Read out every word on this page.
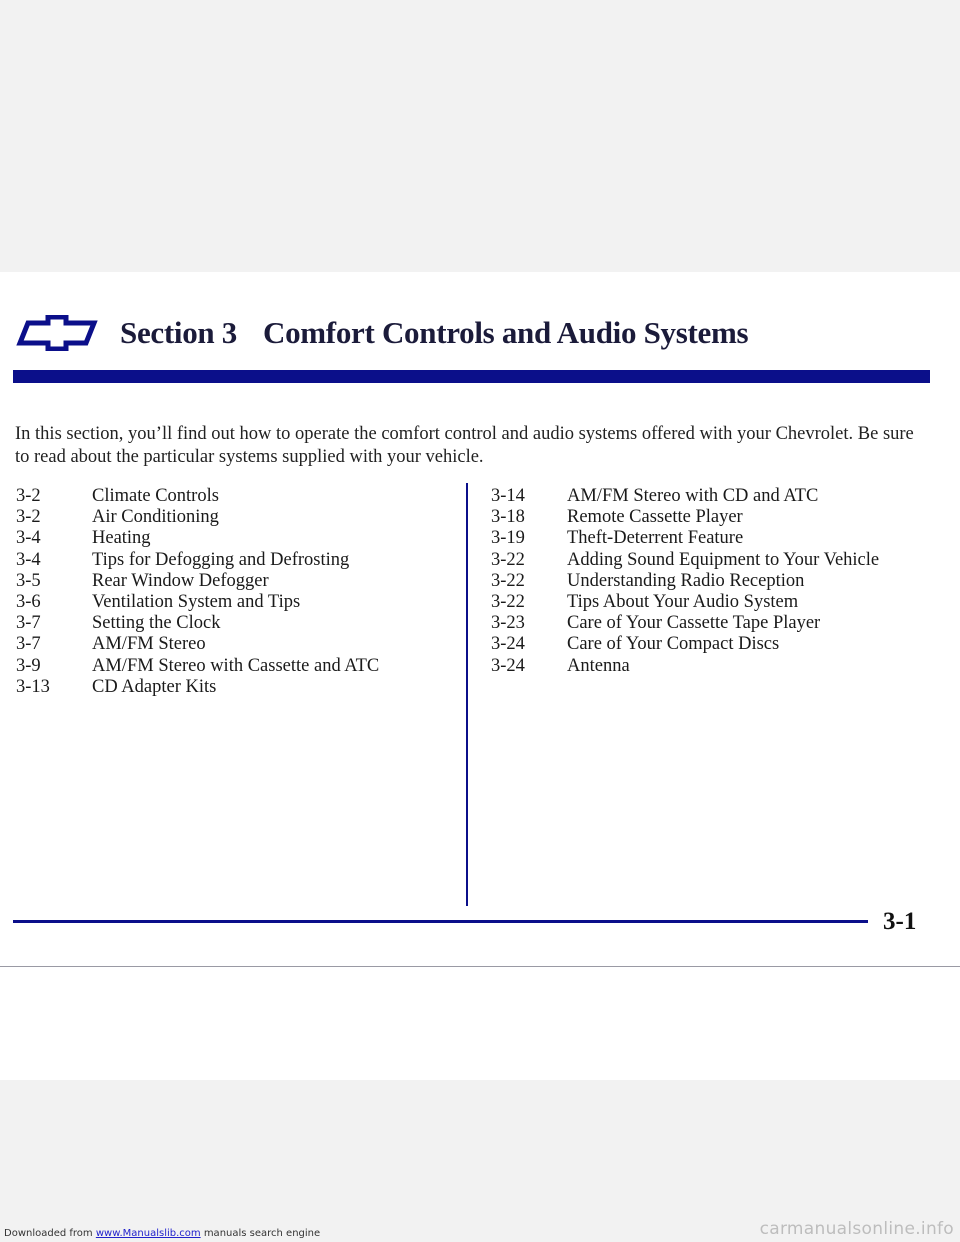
Section 3 Comfort Controls and Audio Systems
In this section, you’ll find out how to operate the comfort control and audio systems offered with your Chevrolet. Be sure to read about the particular systems supplied with your vehicle.
3-2	Climate Controls
3-2	Air Conditioning
3-4	Heating
3-4	Tips for Defogging and Defrosting
3-5	Rear Window Defogger
3-6	Ventilation System and Tips
3-7	Setting the Clock
3-7	AM/FM Stereo
3-9	AM/FM Stereo with Cassette and ATC
3-13	CD Adapter Kits
3-14	AM/FM Stereo with CD and ATC
3-18	Remote Cassette Player
3-19	Theft-Deterrent Feature
3-22	Adding Sound Equipment to Your Vehicle
3-22	Understanding Radio Reception
3-22	Tips About Your Audio System
3-23	Care of Your Cassette Tape Player
3-24	Care of Your Compact Discs
3-24	Antenna
3-1
Downloaded from www.Manualslib.com manuals search engine	carmanualsonline.info
